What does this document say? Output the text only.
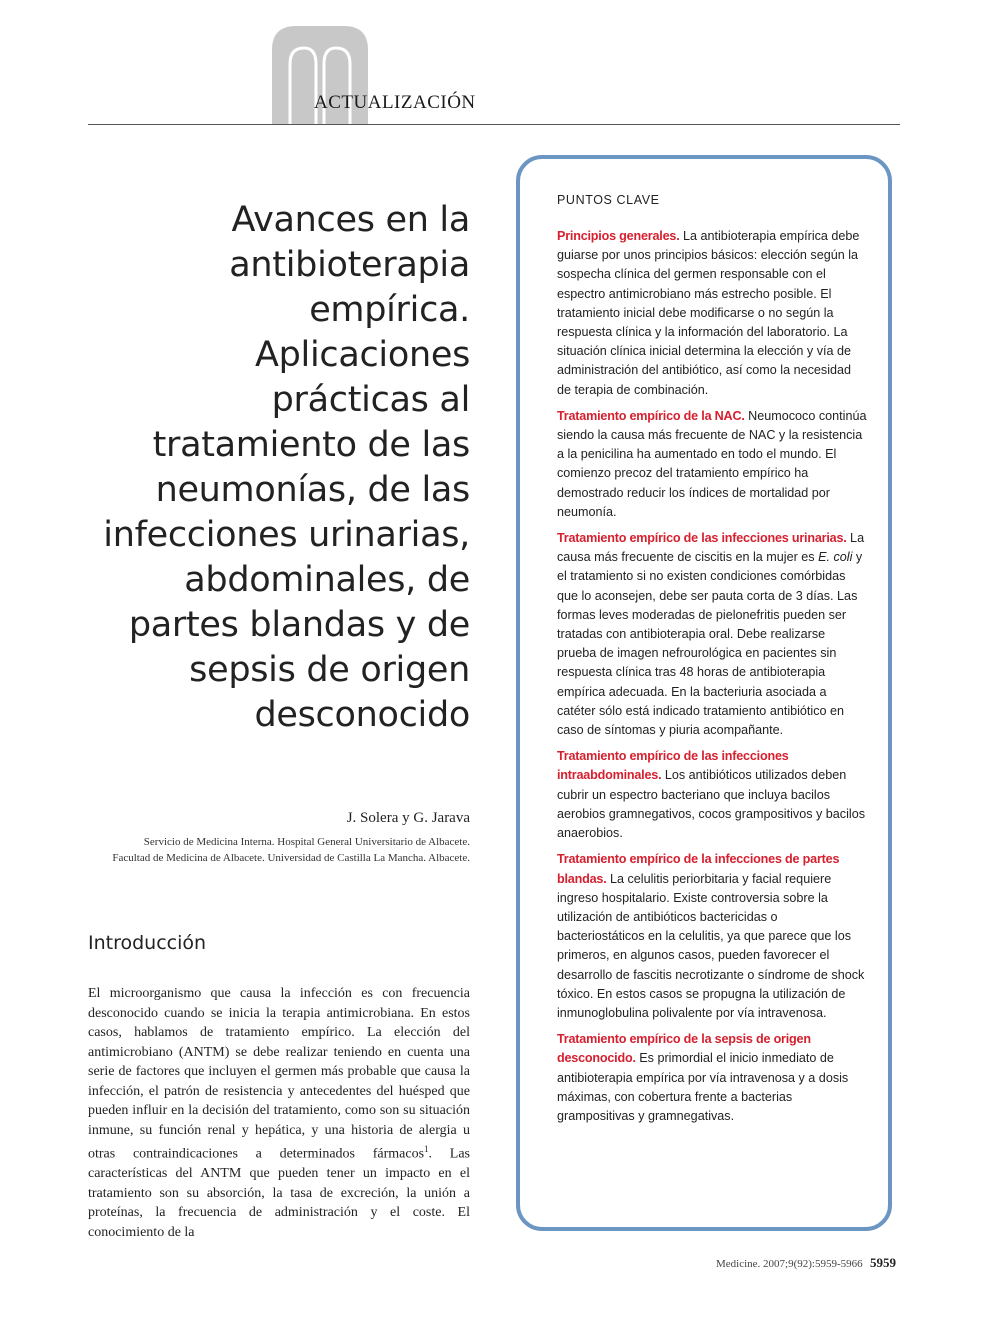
ACTUALIZACIÓN

Avances en la antibioterapia empírica. Aplicaciones prácticas al tratamiento de las neumonías, de las infecciones urinarias, abdominales, de partes blandas y de sepsis de origen desconocido

J. Solera y G. Jarava

Servicio de Medicina Interna. Hospital General Universitario de Albacete.

Facultad de Medicina de Albacete. Universidad de Castilla La Mancha. Albacete.

Introducción

El microorganismo que causa la infección es con frecuencia desconocido cuando se inicia la terapia antimicrobiana. En estos casos, hablamos de tratamiento empírico. La elección del antimicrobiano (ANTM) se debe realizar teniendo en cuenta una serie de factores que incluyen el germen más probable que causa la infección, el patrón de resistencia y antecedentes del huésped que pueden influir en la decisión del tratamiento, como son su situación inmune, su función renal y hepática, y una historia de alergia u otras contraindicaciones a determinados fármacos$^1$. Las características del ANTM que pueden tener un impacto en el tratamiento son su absorción, la tasa de excreción, la unión a proteínas, la frecuencia de administración y el coste. El conocimiento de la

PUNTOS CLAVE

Principios generales. La antibioterapia empírica debe guiarse por unos principios básicos: elección según la sospecha clínica del germen responsable con el espectro antimicrobiano más estrecho posible. El tratamiento inicial debe modificarse o no según la respuesta clínica y la información del laboratorio. La situación clínica inicial determina la elección y vía de administración del antibiótico, así como la necesidad de terapia de combinación.

Tratamiento empírico de la NAC. Neumococo continúa siendo la causa más frecuente de NAC y la resistencia a la penicilina ha aumentado en todo el mundo. El comienzo precoz del tratamiento empírico ha demostrado reducir los índices de mortalidad por neumonía.

Tratamiento empírico de las infecciones urinarias. La causa más frecuente de ciscitis en la mujer es E. coli y el tratamiento si no existen condiciones comórbidas que lo aconsejen, debe ser pauta corta de 3 días. Las formas leves moderadas de pielonefritis pueden ser tratadas con antibioterapia oral. Debe realizarse prueba de imagen nefrourológica en pacientes sin respuesta clínica tras 48 horas de antibioterapia empírica adecuada. En la bacteriuria asociada a catéter sólo está indicado tratamiento antibiótico en caso de síntomas y piuria acompañante.

Tratamiento empírico de las infecciones intraabdominales. Los antibióticos utilizados deben cubrir un espectro bacteriano que incluya bacilos aerobios gramnegativos, cocos grampositivos y bacilos anaerobios.

Tratamiento empírico de la infecciones de partes blandas. La celulitis periorbitaria y facial requiere ingreso hospitalario. Existe controversia sobre la utilización de antibióticos bactericidas o bacteriostáticos en la celulitis, ya que parece que los primeros, en algunos casos, pueden favorecer el desarrollo de fascitis necrotizante o síndrome de shock tóxico. En estos casos se propugna la utilización de inmunoglobulina polivalente por vía intravenosa.

Tratamiento empírico de la sepsis de origen desconocido. Es primordial el inicio inmediato de antibioterapia empírica por vía intravenosa y a dosis máximas, con cobertura frente a bacterias grampositivas y gramnegativas.

Medicine. 2007;9(92):5959-5966 5959
